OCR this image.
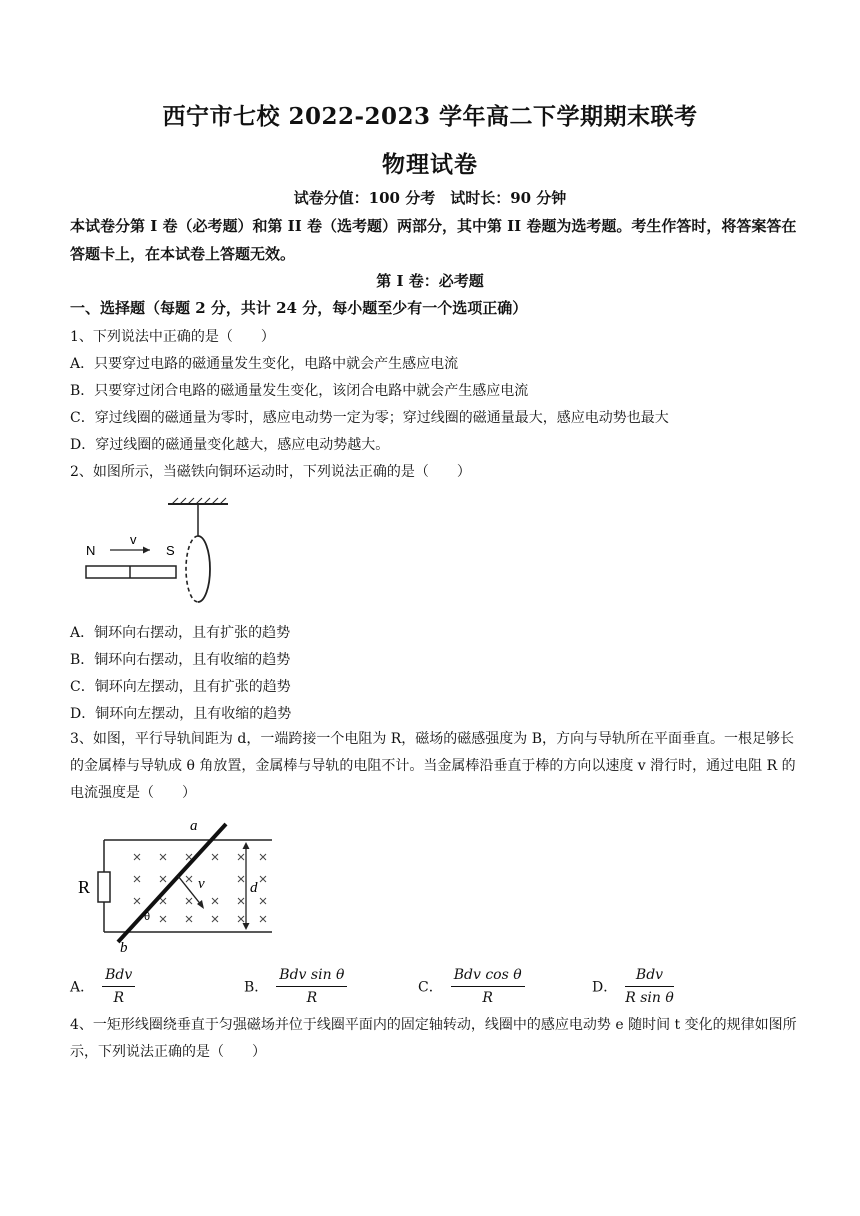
西宁市七校 2022-2023 学年高二下学期期末联考
物理试卷
试卷分值：100 分考　试时长：90 分钟
本试卷分第 I 卷（必考题）和第 II 卷（选考题）两部分，其中第 II 卷题为选考题。考生作答时，将答案答在答题卡上，在本试卷上答题无效。
第 I 卷：必考题
一、选择题（每题 2 分，共计 24 分，每小题至少有一个选项正确）
1、下列说法中正确的是（　　）
A．只要穿过电路的磁通量发生变化，电路中就会产生感应电流
B．只要穿过闭合电路的磁通量发生变化，该闭合电路中就会产生感应电流
C．穿过线圈的磁通量为零时，感应电动势一定为零；穿过线圈的磁通量最大，感应电动势也最大
D．穿过线圈的磁通量变化越大，感应电动势越大。
2、如图所示，当磁铁向铜环运动时，下列说法正确的是（　　）
N
v
S
A．铜环向右摆动，且有扩张的趋势
B．铜环向右摆动，且有收缩的趋势
C．铜环向左摆动，且有扩张的趋势
D．铜环向左摆动，且有收缩的趋势
3、如图，平行导轨间距为 d，一端跨接一个电阻为 R，磁场的磁感强度为 B，方向与导轨所在平面垂直。一根足够长的金属棒与导轨成 θ 角放置，金属棒与导轨的电阻不计。当金属棒沿垂直于棒的方向以速度 v 滑行时，通过电阻 R 的电流强度是（　　）
R
a
b
θ
v	d
A． $\frac{\text{Bdv}}{R}$	B． $\frac{\text{Bdv sin θ}}{R}$	C． $\frac{\text{Bdv cos θ}}{R}$	D． $\frac{\text{Bdv}}{\text{R sin θ}}$
4、一矩形线圈绕垂直于匀强磁场并位于线圈平面内的固定轴转动，线圈中的感应电动势 e 随时间 t 变化的规律如图所示，下列说法正确的是（　　）
